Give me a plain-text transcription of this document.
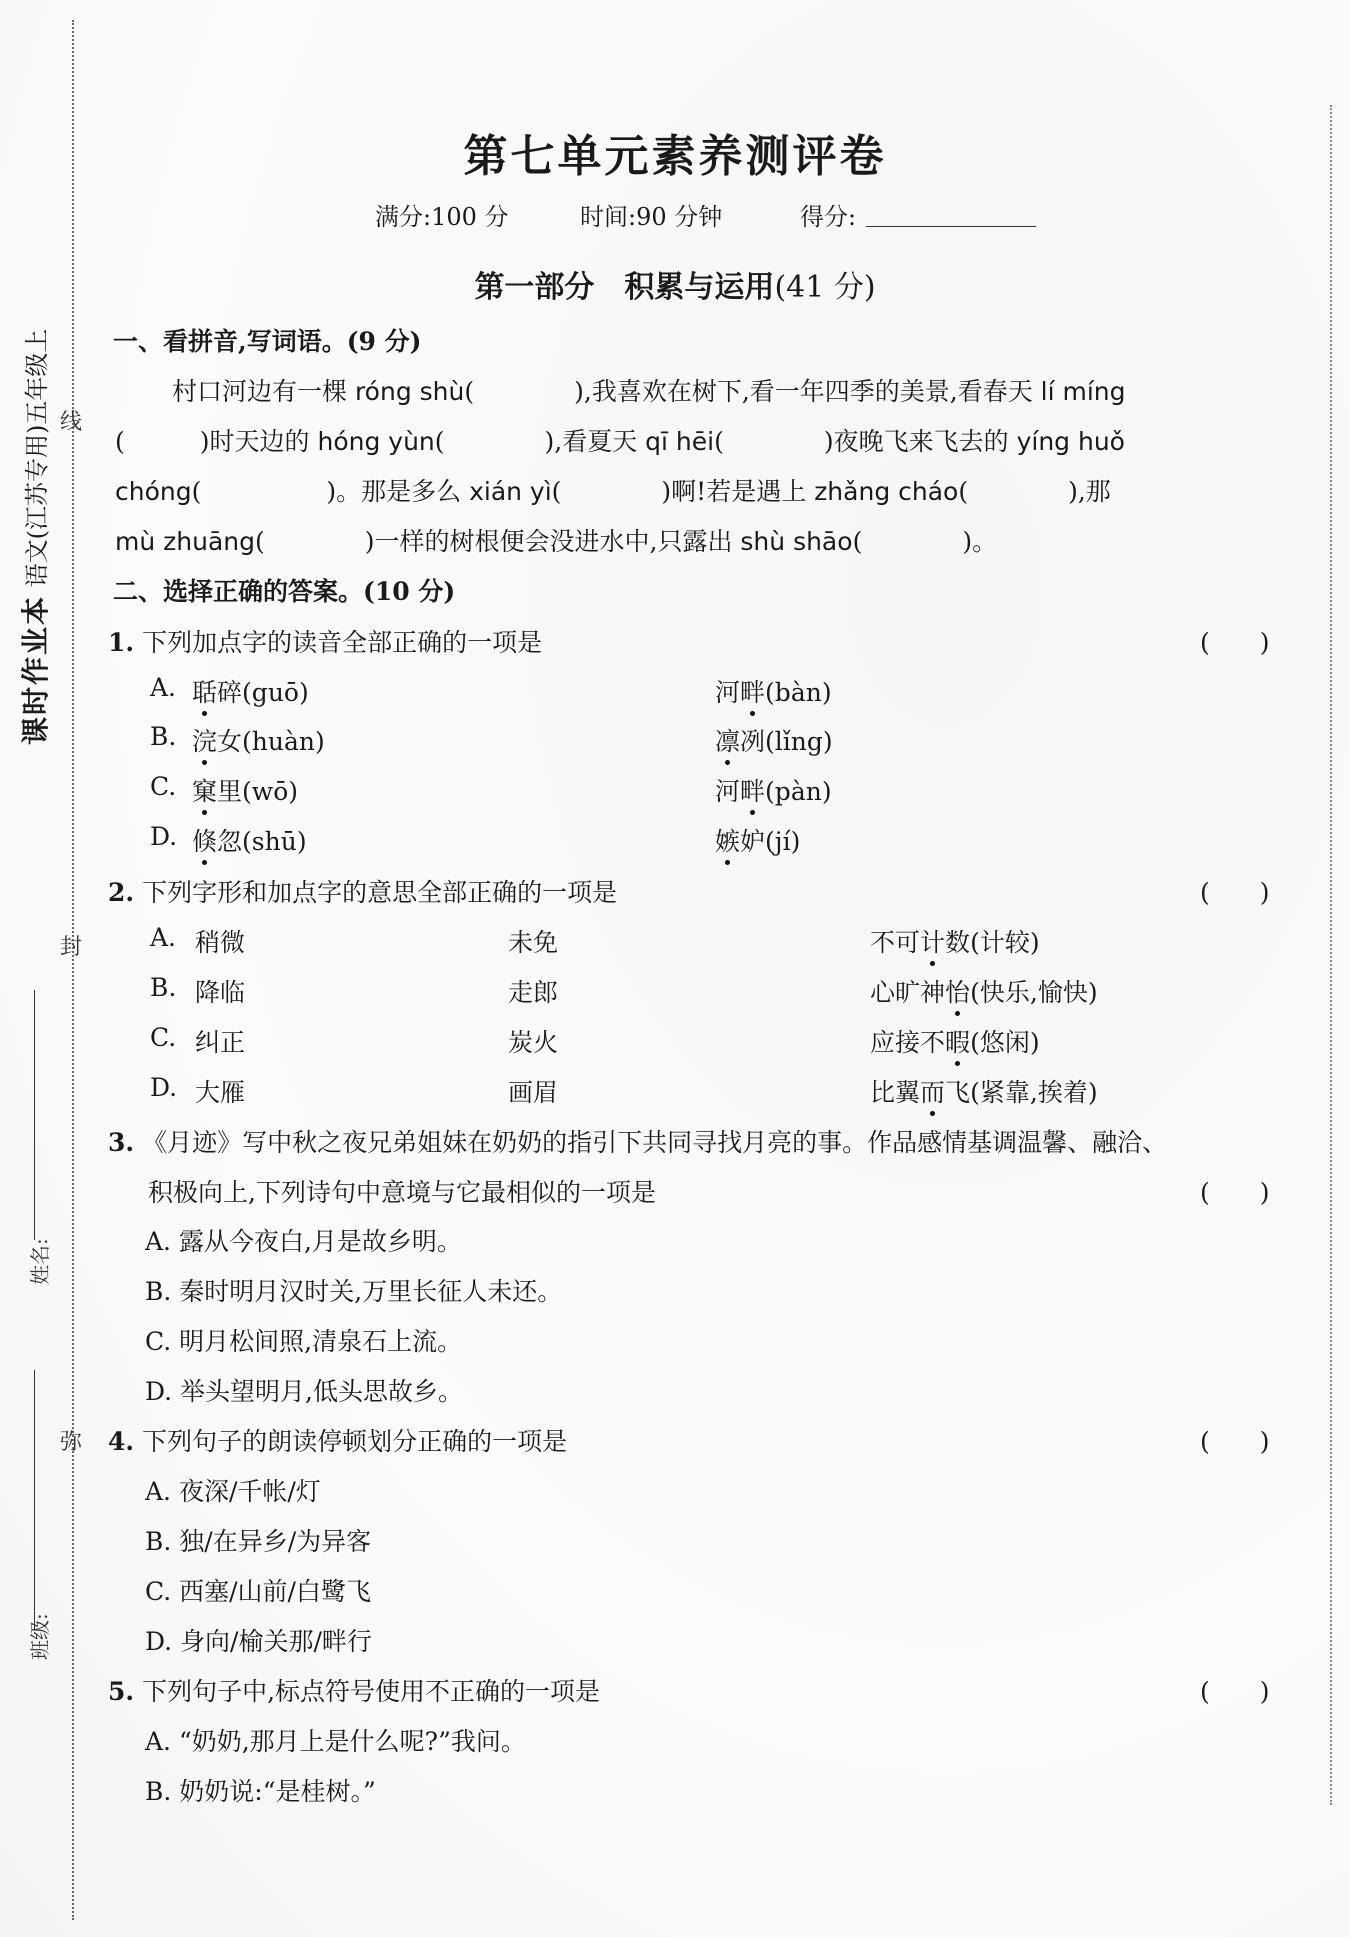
课时作业本 语文(江苏专用)五年级上 线
封
弥
姓名:
班级:
第七单元素养测评卷
满分:100 分	时间:90 分钟	得分:
第一部分　积累与运用(41 分)
一、看拼音,写词语。(9 分)
村口河边有一棵 róng shù(　　　　),我喜欢在树下,看一年四季的美景,看春天 lí míng
(　　　)时天边的 hóng yùn(　　　　),看夏天 qī hēi(　　　　)夜晚飞来飞去的 yíng huǒ
chóng(　　　　　)。那是多么 xián yì(　　　　)啊!若是遇上 zhǎng cháo(　　　　),那
mù zhuāng(　　　　)一样的树根便会没进水中,只露出 shù shāo(　　　　)。
二、选择正确的答案。(10 分)
1. 下列加点字的读音全部正确的一项是	(　　)
A. 聒碎(guō)	河畔(bàn)
B. 浣女(huàn)	凛冽(lǐng)
C. 窠里(wō)	河畔(pàn)
D. 倏忽(shū)	嫉妒(jí)
2. 下列字形和加点字的意思全部正确的一项是	(　　)
A. 稍微	未免	不可计数(计较)
B. 降临	走郎	心旷神怡(快乐,愉快)
C. 纠正	炭火	应接不暇(悠闲)
D. 大雁	画眉	比翼而飞(紧靠,挨着)
3. 《月迹》写中秋之夜兄弟姐妹在奶奶的指引下共同寻找月亮的事。作品感情基调温馨、融洽、
积极向上,下列诗句中意境与它最相似的一项是	(　　)
A. 露从今夜白,月是故乡明。
B. 秦时明月汉时关,万里长征人未还。
C. 明月松间照,清泉石上流。
D. 举头望明月,低头思故乡。
4. 下列句子的朗读停顿划分正确的一项是	(　　)
A. 夜深/千帐/灯
B. 独/在异乡/为异客
C. 西塞/山前/白鹭飞
D. 身向/榆关那/畔行
5. 下列句子中,标点符号使用不正确的一项是	(　　)
A. “奶奶,那月上是什么呢?”我问。
B. 奶奶说:“是桂树。”
